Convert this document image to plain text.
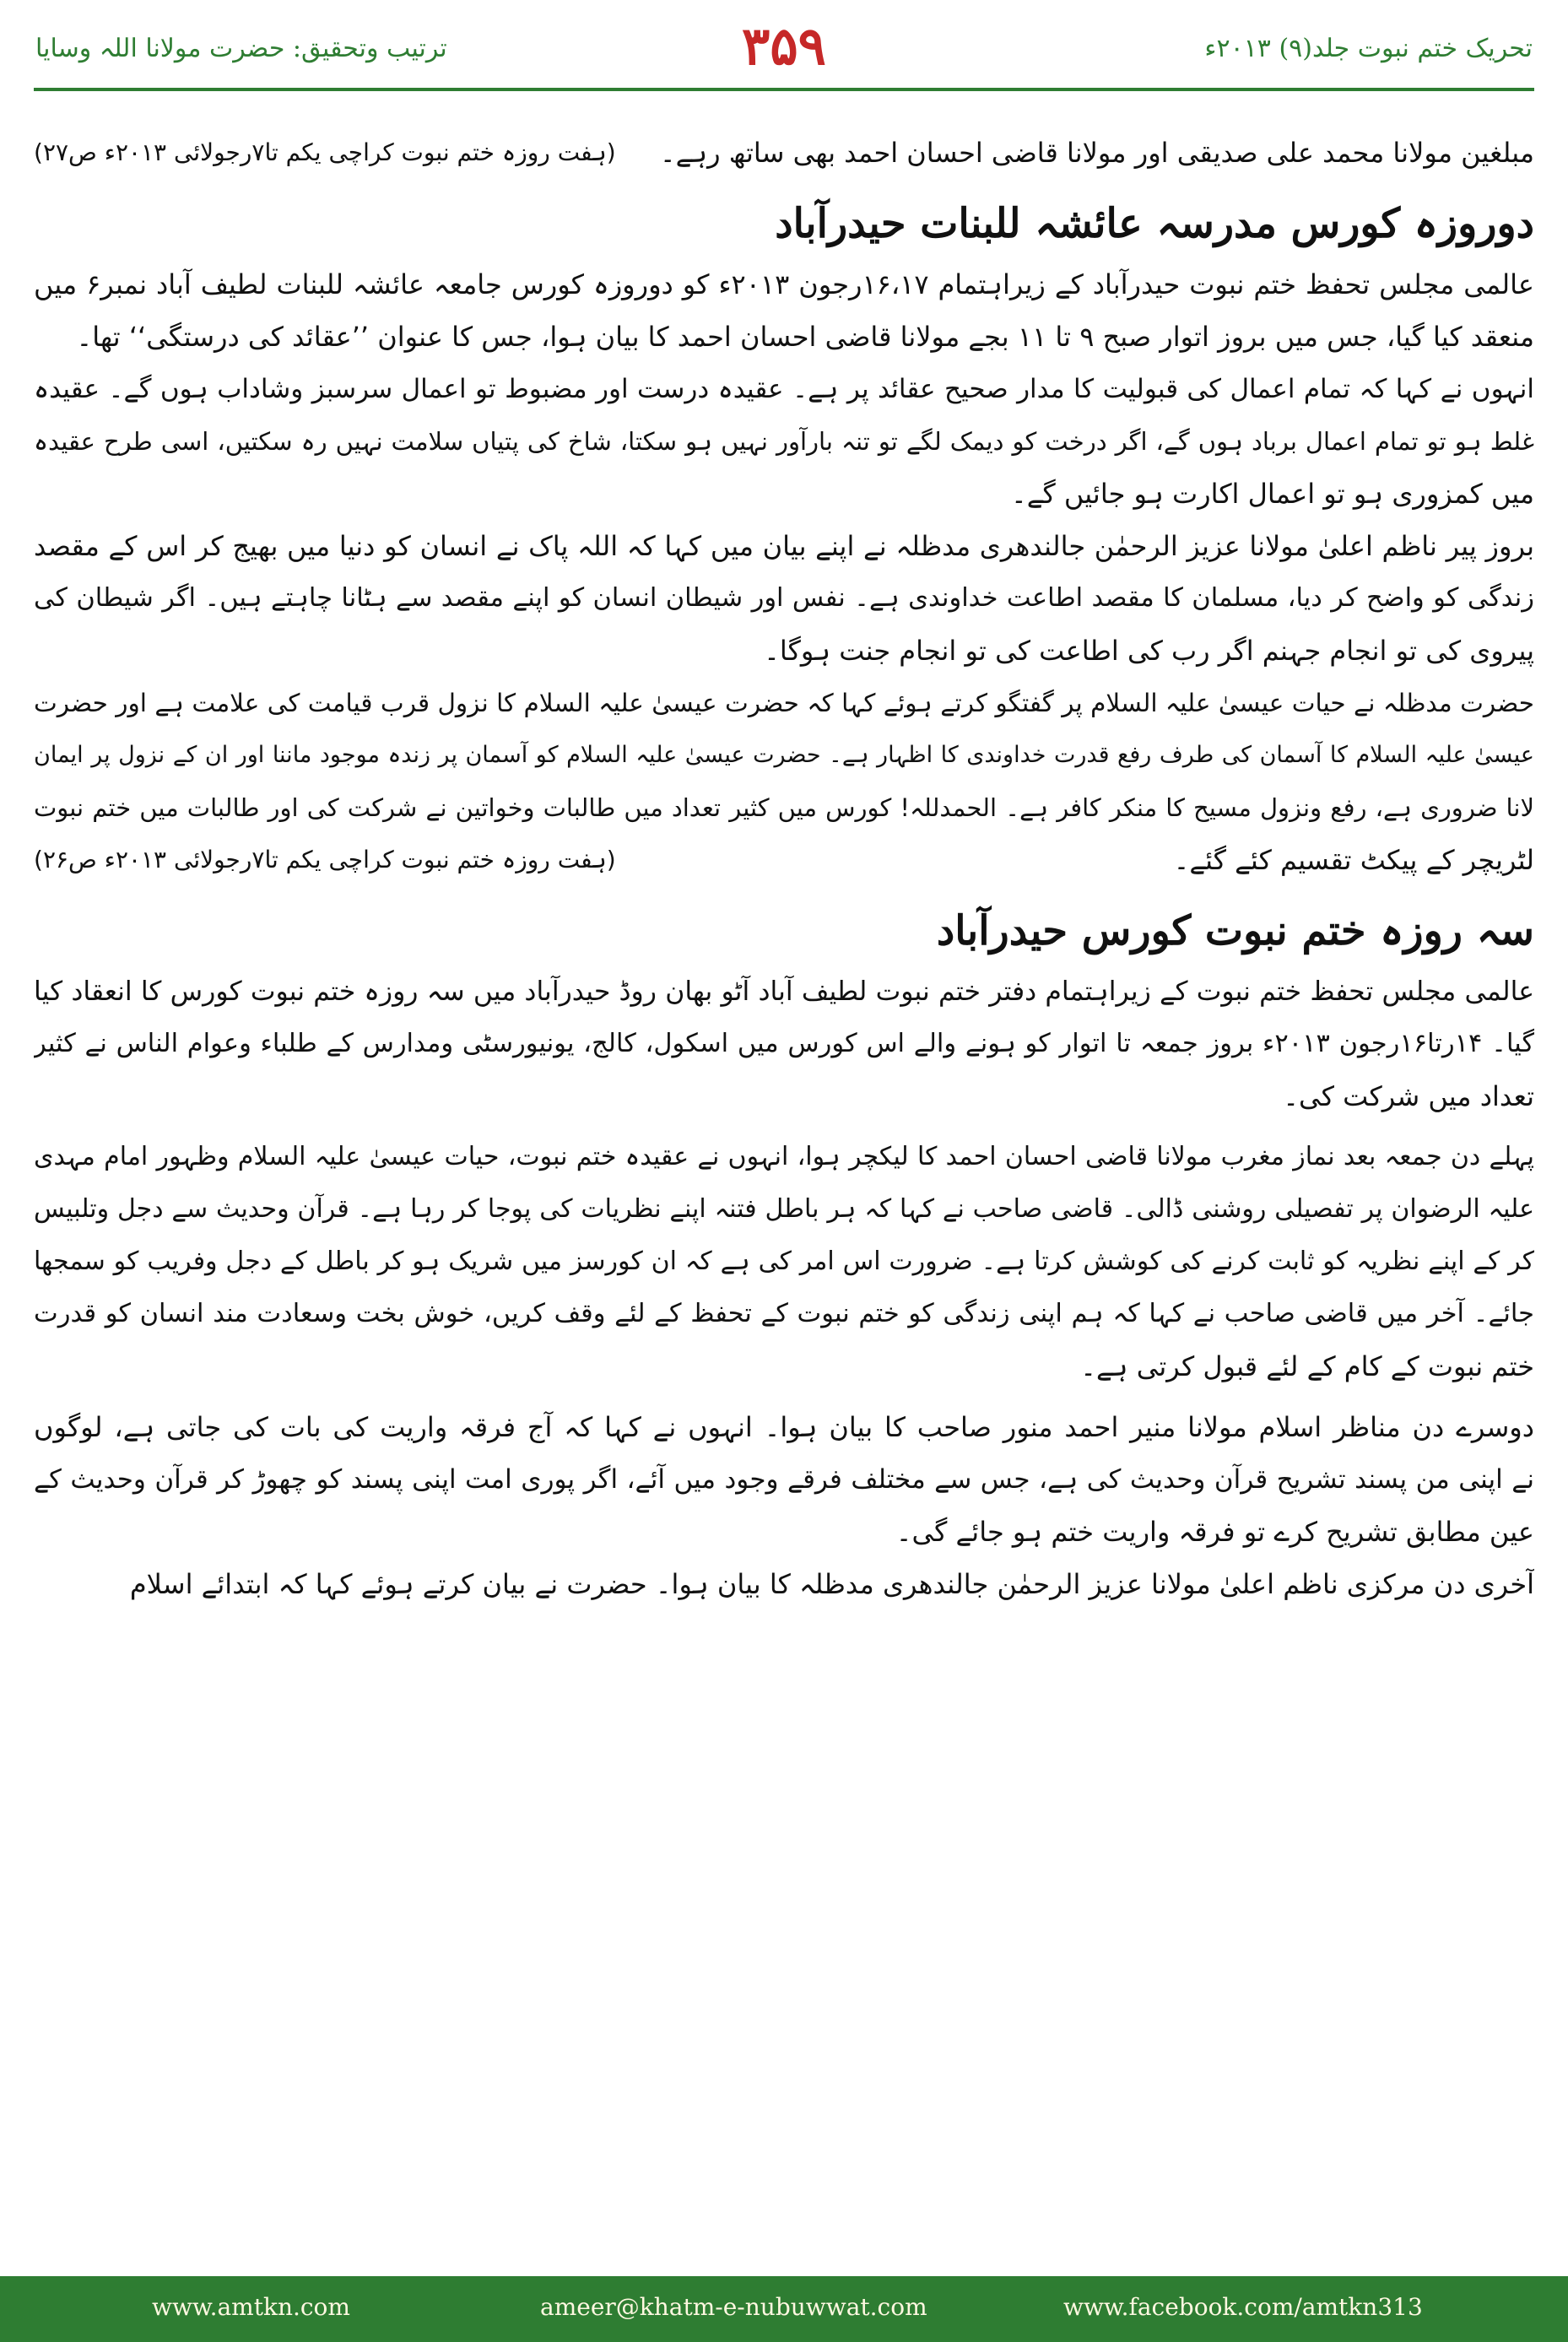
ترتیب وتحقیق: حضرت مولانا اللہ وسایا	۳۵۹	تحریک ختم نبوت جلد(۹) ۲۰۱۳ء
(ہفت روزہ ختم نبوت کراچی یکم تا۷رجولائی ۲۰۱۳ء ص۲۷) مبلغین مولانا محمد علی صدیقی اور مولانا قاضی احسان احمد بھی ساتھ رہے۔
دوروزہ کورس مدرسہ عائشہ للبنات حیدرآباد
عالمی مجلس تحفظ ختم نبوت حیدرآباد کے زیراہتمام ۱۶،۱۷رجون ۲۰۱۳ء کو دوروزہ کورس جامعہ عائشہ للبنات لطیف آباد نمبر۶ میں
منعقد کیا گیا، جس میں بروز اتوار صبح ۹ تا ۱۱ بجے مولانا قاضی احسان احمد کا بیان ہوا، جس کا عنوان ’’عقائد کی درستگی‘‘ تھا۔
انہوں نے کہا کہ تمام اعمال کی قبولیت کا مدار صحیح عقائد پر ہے۔ عقیدہ درست اور مضبوط تو اعمال سرسبز وشاداب ہوں گے۔ عقیدہ
غلط ہو تو تمام اعمال برباد ہوں گے، اگر درخت کو دیمک لگے تو تنہ بارآور نہیں ہو سکتا، شاخ کی پتیاں سلامت نہیں رہ سکتیں، اسی طرح عقیدہ
میں کمزوری ہو تو اعمال اکارت ہو جائیں گے۔
بروز پیر ناظم اعلیٰ مولانا عزیز الرحمٰن جالندھری مدظلہ نے اپنے بیان میں کہا کہ اللہ پاک نے انسان کو دنیا میں بھیج کر اس کے مقصد
زندگی کو واضح کر دیا، مسلمان کا مقصد اطاعت خداوندی ہے۔ نفس اور شیطان انسان کو اپنے مقصد سے ہٹانا چاہتے ہیں۔ اگر شیطان کی
پیروی کی تو انجام جہنم اگر رب کی اطاعت کی تو انجام جنت ہوگا۔
حضرت مدظلہ نے حیات عیسیٰ علیہ السلام پر گفتگو کرتے ہوئے کہا کہ حضرت عیسیٰ علیہ السلام کا نزول قرب قیامت کی علامت ہے اور حضرت
عیسیٰ علیہ السلام کا آسمان کی طرف رفع قدرت خداوندی کا اظہار ہے۔ حضرت عیسیٰ علیہ السلام کو آسمان پر زندہ موجود ماننا اور ان کے نزول پر ایمان
لانا ضروری ہے، رفع ونزول مسیح کا منکر کافر ہے۔ الحمدللہ! کورس میں کثیر تعداد میں طالبات وخواتین نے شرکت کی اور طالبات میں ختم نبوت
(ہفت روزہ ختم نبوت کراچی یکم تا۷رجولائی ۲۰۱۳ء ص۲۶)	لٹریچر کے پیکٹ تقسیم کئے گئے۔
سہ روزہ ختم نبوت کورس حیدرآباد
عالمی مجلس تحفظ ختم نبوت کے زیراہتمام دفتر ختم نبوت لطیف آباد آٹو بھان روڈ حیدرآباد میں سہ روزہ ختم نبوت کورس کا انعقاد کیا
گیا۔ ۱۴رتا۱۶رجون ۲۰۱۳ء بروز جمعہ تا اتوار کو ہونے والے اس کورس میں اسکول، کالج، یونیورسٹی ومدارس کے طلباء وعوام الناس نے کثیر
تعداد میں شرکت کی۔
پہلے دن جمعہ بعد نماز مغرب مولانا قاضی احسان احمد کا لیکچر ہوا، انہوں نے عقیدہ ختم نبوت، حیات عیسیٰ علیہ السلام وظہور امام مہدی
علیہ الرضوان پر تفصیلی روشنی ڈالی۔ قاضی صاحب نے کہا کہ ہر باطل فتنہ اپنے نظریات کی پوجا کر رہا ہے۔ قرآن وحدیث سے دجل وتلبیس
کر کے اپنے نظریہ کو ثابت کرنے کی کوشش کرتا ہے۔ ضرورت اس امر کی ہے کہ ان کورسز میں شریک ہو کر باطل کے دجل وفریب کو سمجھا
جائے۔ آخر میں قاضی صاحب نے کہا کہ ہم اپنی زندگی کو ختم نبوت کے تحفظ کے لئے وقف کریں، خوش بخت وسعادت مند انسان کو قدرت
ختم نبوت کے کام کے لئے قبول کرتی ہے۔
دوسرے دن مناظر اسلام مولانا منیر احمد منور صاحب کا بیان ہوا۔ انہوں نے کہا کہ آج فرقہ واریت کی بات کی جاتی ہے، لوگوں
نے اپنی من پسند تشریح قرآن وحدیث کی ہے، جس سے مختلف فرقے وجود میں آئے، اگر پوری امت اپنی پسند کو چھوڑ کر قرآن وحدیث کے
عین مطابق تشریح کرے تو فرقہ واریت ختم ہو جائے گی۔
آخری دن مرکزی ناظم اعلیٰ مولانا عزیز الرحمٰن جالندھری مدظلہ کا بیان ہوا۔ حضرت نے بیان کرتے ہوئے کہا کہ ابتدائے اسلام
www.amtkn.com	ameer@khatm-e-nubuwwat.com	www.facebook.com/amtkn313
